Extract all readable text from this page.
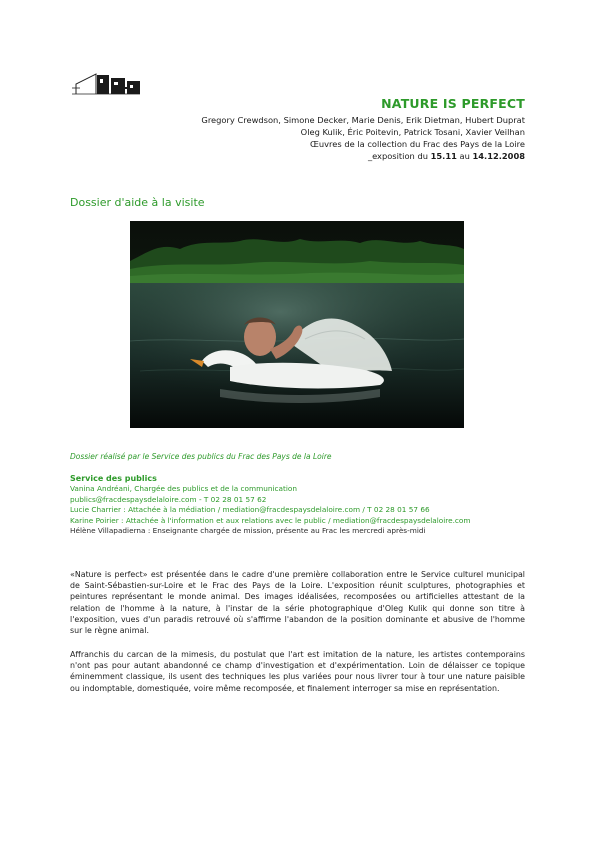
NATURE IS PERFECT

Gregory Crewdson, Simone Decker, Marie Denis, Erik Dietman, Hubert Duprat

Oleg Kulik, Éric Poitevin, Patrick Tosani, Xavier Veilhan

Œuvres de la collection du Frac des Pays de la Loire

_exposition du 15.11 au 14.12.2008

Dossier d'aide à la visite

Dossier réalisé par le Service des publics du Frac des Pays de la Loire

Service des publics

Vanina Andréani, Chargée des publics et de la communication

publics@fracdespaysdelaloire.com - T 02 28 01 57 62

Lucie Charrier : Attachée à la médiation / mediation@fracdespaysdelaloire.com / T 02 28 01 57 66

Karine Poirier : Attachée à l'information et aux relations avec le public / mediation@fracdespaysdelaloire.com

Hélène Villapadierna : Enseignante chargée de mission, présente au Frac les mercredi après-midi

«Nature is perfect» est présentée dans le cadre d'une première collaboration entre le Service culturel municipal de Saint-Sébastien-sur-Loire et le Frac des Pays de la Loire. L'exposition réunit sculptures, photographies et peintures représentant le monde animal. Des images idéalisées, recomposées ou artificielles attestant de la relation de l'homme à la nature, à l'instar de la série photographique d'Oleg Kulik qui donne son titre à l'exposition, vues d'un paradis retrouvé où s'affirme l'abandon de la position dominante et abusive de l'homme sur le règne animal.

Affranchis du carcan de la mimesis, du postulat que l'art est imitation de la nature, les artistes contemporains n'ont pas pour autant abandonné ce champ d'investigation et d'expérimentation. Loin de délaisser ce topique éminemment classique, ils usent des techniques les plus variées pour nous livrer tour à tour une nature paisible ou indomptable, domestiquée, voire même recomposée, et finalement interroger sa mise en représentation.
